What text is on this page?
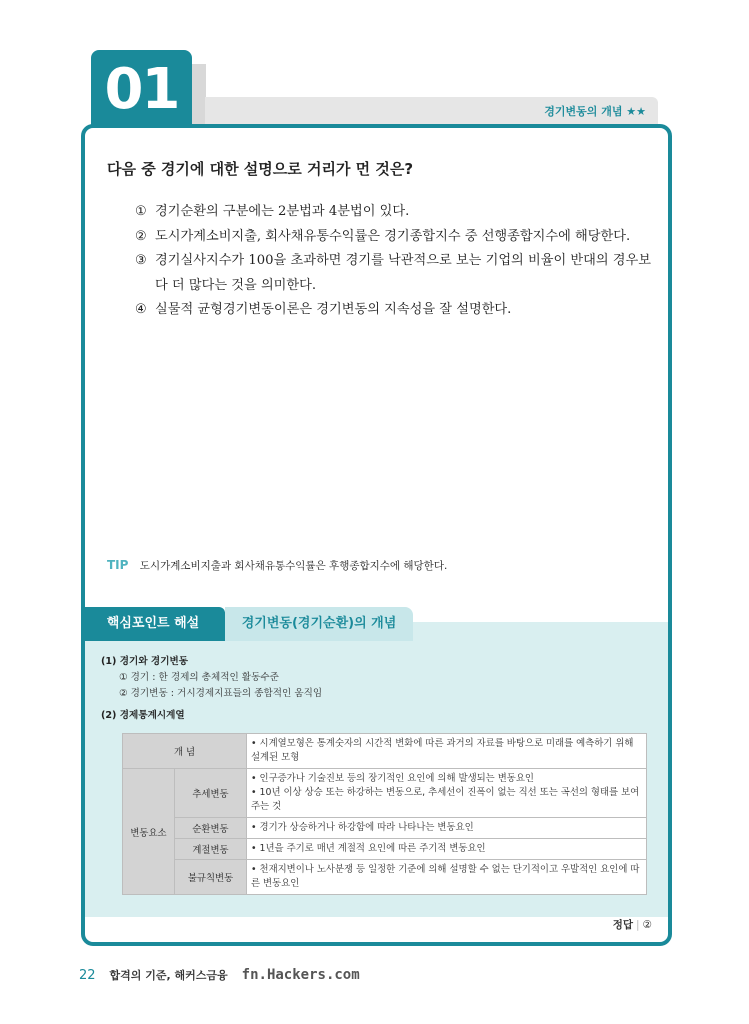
01	경기변동의 개념 ★★
다음 중 경기에 대한 설명으로 거리가 먼 것은?
① 경기순환의 구분에는 2분법과 4분법이 있다.
② 도시가계소비지출, 회사채유통수익률은 경기종합지수 중 선행종합지수에 해당한다.
③ 경기실사지수가 100을 초과하면 경기를 낙관적으로 보는 기업의 비율이 반대의 경우보다 더 많다는 것을 의미한다.
④ 실물적 균형경기변동이론은 경기변동의 지속성을 잘 설명한다.
TIP 도시가계소비지출과 회사채유통수익률은 후행종합지수에 해당한다.
핵심포인트 해설	경기변동(경기순환)의 개념
(1) 경기와 경기변동
① 경기 : 한 경제의 총체적인 활동수준
② 경기변동 : 거시경제지표들의 종합적인 움직임
(2) 경제통계시계열
개 념		• 시계열모형은 통계숫자의 시간적 변화에 따른 과거의 자료를 바탕으로 미래를 예측하기 위해 설계된 모형
변동요소	추세변동	• 인구증가나 기술진보 등의 장기적인 요인에 의해 발생되는 변동요인
• 10년 이상 상승 또는 하강하는 변동으로, 추세선이 진폭이 없는 직선 또는 곡선의 형태를 보여주는 것
	순환변동	• 경기가 상승하거나 하강함에 따라 나타나는 변동요인
	계절변동	• 1년을 주기로 매년 계절적 요인에 따른 주기적 변동요인
	불규칙변동	• 천재지변이나 노사분쟁 등 일정한 기준에 의해 설명할 수 없는 단기적이고 우발적인 요인에 따른 변동요인
정답 | ②
22 합격의 기준, 해커스금융 fn.Hackers.com
